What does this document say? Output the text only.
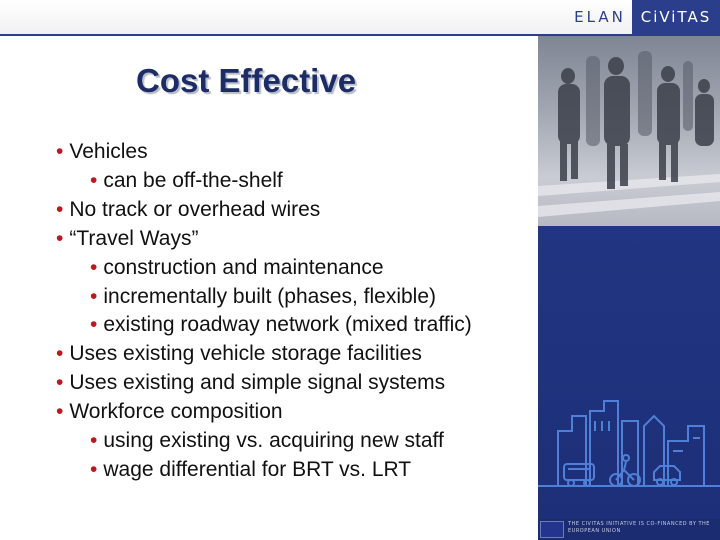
ELAN CiViTAS
THE CIVITAS INITIATIVE IS CO-FINANCED BY THE EUROPEAN UNION
Cost Effective
• Vehicles
• can be off-the-shelf
• No track or overhead wires
• “Travel Ways”
• construction and maintenance
• incrementally built (phases, flexible)
• existing roadway network (mixed traffic)
• Uses existing vehicle storage facilities
• Uses existing and simple signal systems
• Workforce composition
• using existing vs. acquiring new staff
• wage differential for BRT vs. LRT
